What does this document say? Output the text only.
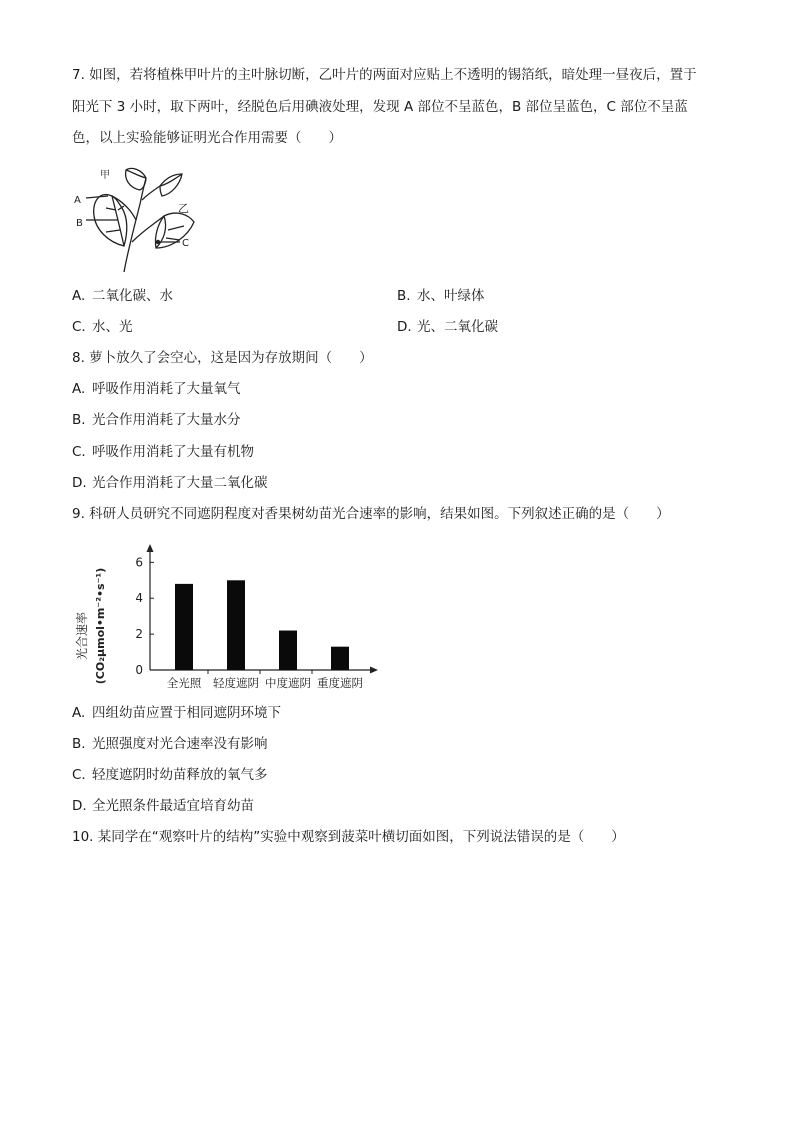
7. 如图，若将植株甲叶片的主叶脉切断，乙叶片的两面对应贴上不透明的锡箔纸，暗处理一昼夜后，置于
阳光下 3 小时，取下两叶，经脱色后用碘液处理，发现 A 部位不呈蓝色，B 部位呈蓝色，C 部位不呈蓝
色，以上实验能够证明光合作用需要（　　）
甲
乙
A
B
C
A. 二氧化碳、水	B. 水、叶绿体
C. 水、光	D. 光、二氧化碳
8. 萝卜放久了会空心，这是因为存放期间（　　）
A. 呼吸作用消耗了大量氧气
B. 光合作用消耗了大量水分
C. 呼吸作用消耗了大量有机物
D. 光合作用消耗了大量二氧化碳
9. 科研人员研究不同遮阴程度对香果树幼苗光合速率的影响，结果如图。下列叙述正确的是（　　）
0
2
4
6
全光照 轻度遮阴 中度遮阴 重度遮阴
光合速率 (CO₂μmol•m⁻²•s⁻¹)
A. 四组幼苗应置于相同遮阴环境下
B. 光照强度对光合速率没有影响
C. 轻度遮阴时幼苗释放的氧气多
D. 全光照条件最适宜培育幼苗
10. 某同学在“观察叶片的结构”实验中观察到菠菜叶横切面如图，下列说法错误的是（　　）
